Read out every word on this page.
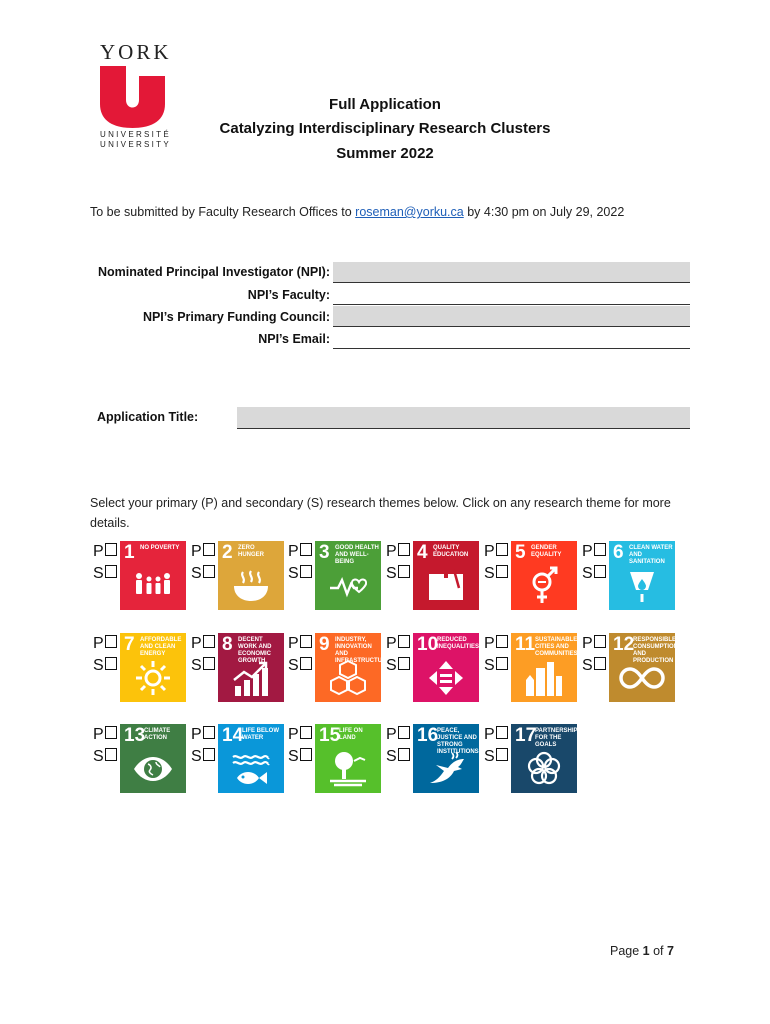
YORK
UNIVERSITÉ
UNIVERSITY
Full Application
Catalyzing Interdisciplinary Research Clusters
Summer 2022
To be submitted by Faculty Research Offices to roseman@yorku.ca by 4:30 pm on July 29, 2022
Nominated Principal Investigator (NPI):
NPI’s Faculty:
NPI’s Primary Funding Council:
NPI’s Email:
Application Title:
Select your primary (P) and secondary (S) research themes below. Click on any research theme for more details.
P
S
1 NO POVERTY P
S
2 ZERO HUNGER	P
S
3 GOOD HEALTH AND WELL-BEING
P
S
4 QUALITY EDUCATION P
S
5 GENDER EQUALITY	P
S
6 CLEAN WATER AND SANITATION
P
S
7 AFFORDABLE AND CLEAN ENERGY
P
S
8 DECENT WORK AND ECONOMIC GROWTH
P
S
9 INDUSTRY, INNOVATION AND INFRASTRUCTURE
P
S
10
REDUCED INEQUALITIES P
S
11 SUSTAINABLE CITIES AND COMMUNITIES
P
S
12
RESPONSIBLE CONSUMPTION AND PRODUCTION
P
S
13
CLIMATE ACTION	P
S
14
LIFE BELOW WATER	P
S
15
LIFE ON LAND	P
S
16
PEACE, JUSTICE AND STRONG INSTITUTIONS
P
S
17
PARTNERSHIPS FOR THE GOALS
Page 1 of 7
